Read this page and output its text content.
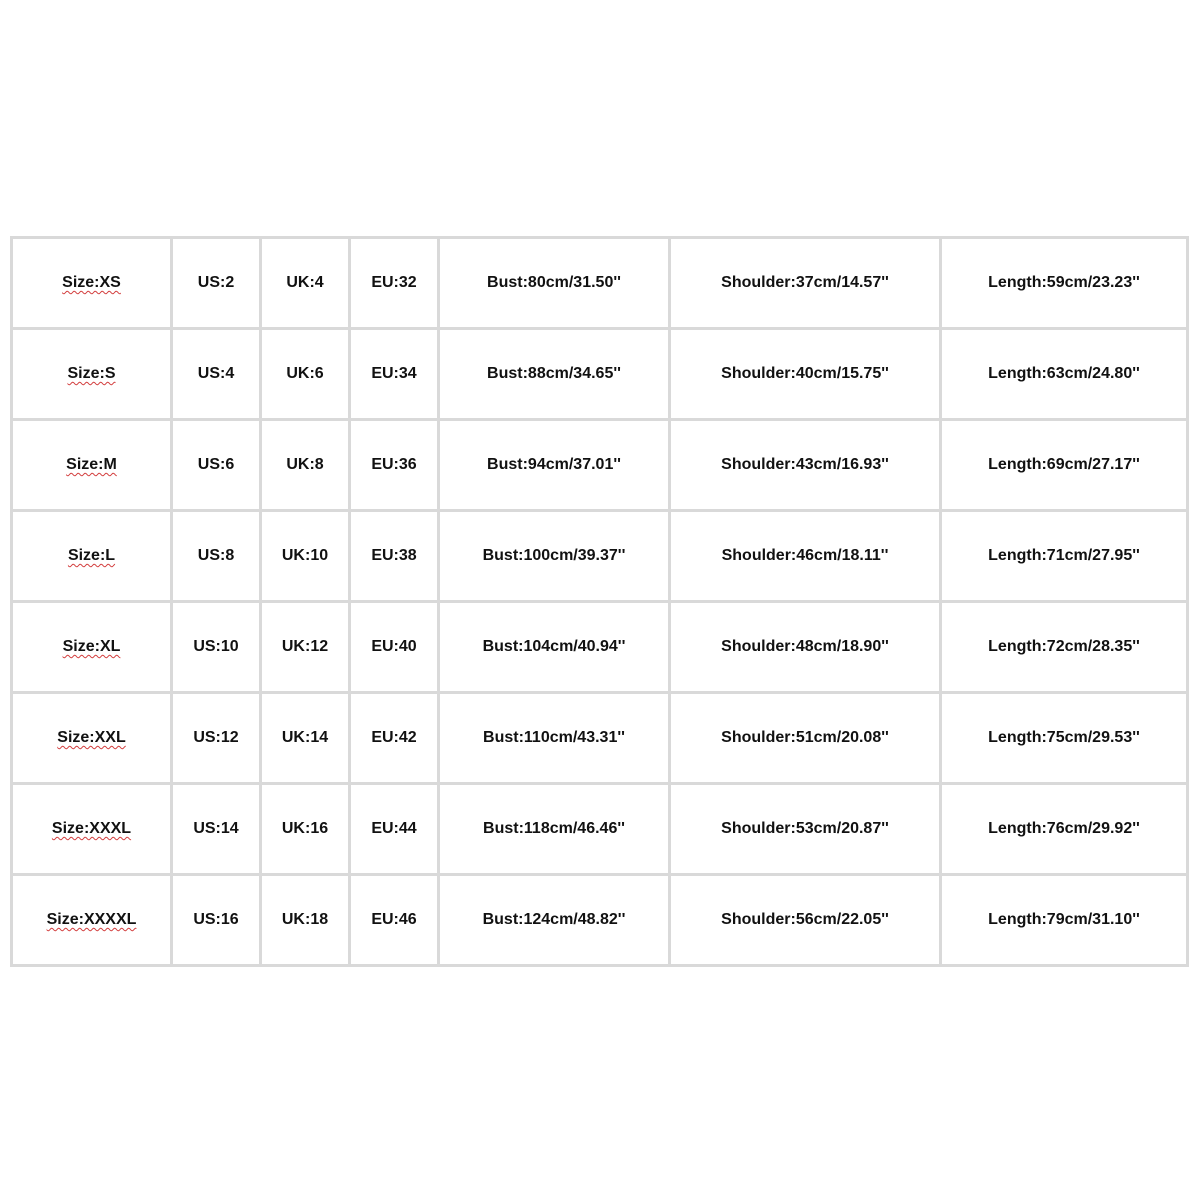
Size:XS	US:2	UK:4	EU:32	Bust:80cm/31.50''	Shoulder:37cm/14.57''	Length:59cm/23.23''
Size:S	US:4	UK:6	EU:34	Bust:88cm/34.65''	Shoulder:40cm/15.75''	Length:63cm/24.80''
Size:M	US:6	UK:8	EU:36	Bust:94cm/37.01''	Shoulder:43cm/16.93''	Length:69cm/27.17''
Size:L	US:8	UK:10	EU:38	Bust:100cm/39.37''	Shoulder:46cm/18.11''	Length:71cm/27.95''
Size:XL	US:10	UK:12	EU:40	Bust:104cm/40.94''	Shoulder:48cm/18.90''	Length:72cm/28.35''
Size:XXL	US:12	UK:14	EU:42	Bust:110cm/43.31''	Shoulder:51cm/20.08''	Length:75cm/29.53''
Size:XXXL	US:14	UK:16	EU:44	Bust:118cm/46.46''	Shoulder:53cm/20.87''	Length:76cm/29.92''
Size:XXXXL	US:16	UK:18	EU:46	Bust:124cm/48.82''	Shoulder:56cm/22.05''	Length:79cm/31.10''
